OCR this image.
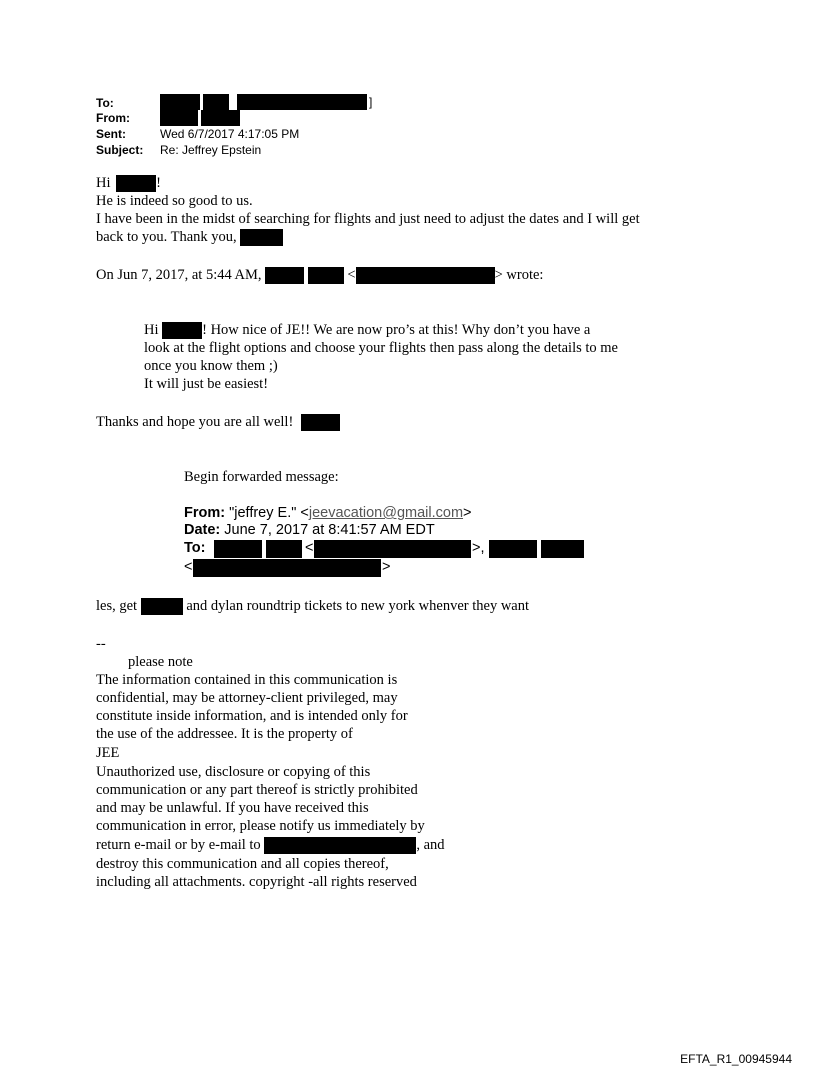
To:	]
From:
Sent:	Wed 6/7/2017 4:17:05 PM
Subject: Re: Jeffrey Epstein
Hi	!
He is indeed so good to us.
I have been in the midst of searching for flights and just need to adjust the dates and I will get
back to you. Thank you,
On Jun 7, 2017, at 5:44 AM,	<	> wrote:
Hi	! How nice of JE!! We are now pro’s at this! Why don’t you have a
look at the flight options and choose your flights then pass along the details to me
once you know them ;)
It will just be easiest!
Thanks and hope you are all well!
Begin forwarded message:
From: "jeffrey E." <jeevacation@gmail.com>
Date: June 7, 2017 at 8:41:57 AM EDT
To:	<	>,
<	>
les, get	and dylan roundtrip tickets to new york whenver they want
--
please note
The information contained in this communication is
confidential, may be attorney-client privileged, may
constitute inside information, and is intended only for
the use of the addressee. It is the property of
JEE
Unauthorized use, disclosure or copying of this
communication or any part thereof is strictly prohibited
and may be unlawful. If you have received this
communication in error, please notify us immediately by
return e-mail or by e-mail to	, and
destroy this communication and all copies thereof,
including all attachments. copyright -all rights reserved
EFTA_R1_00945944
